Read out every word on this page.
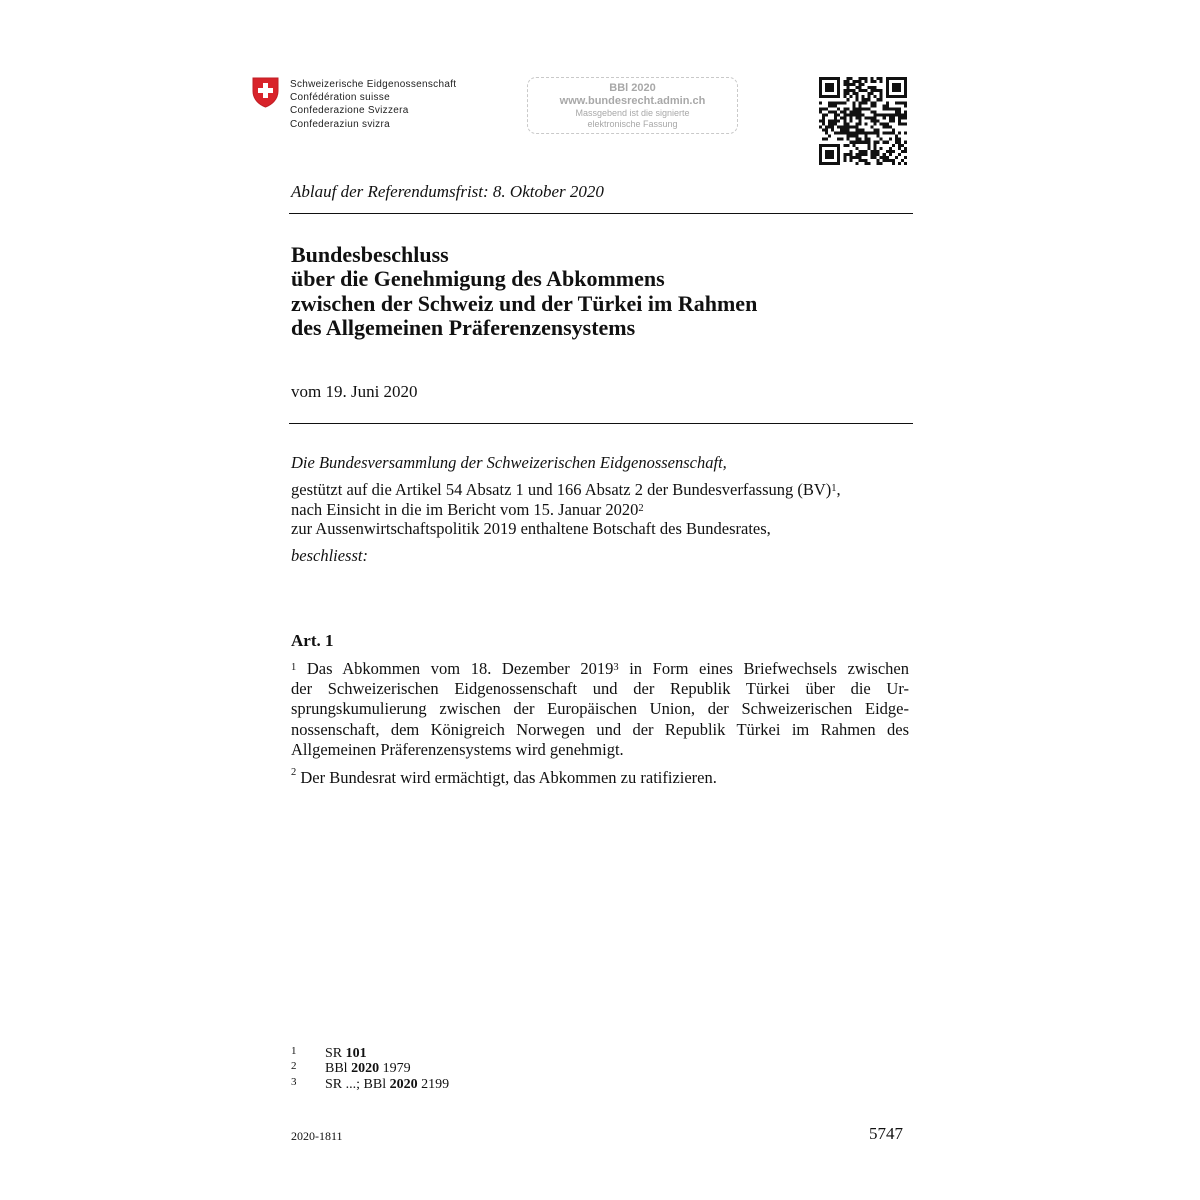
Schweizerische Eidgenossenschaft
Confédération suisse
Confederazione Svizzera
Confederaziun svizra
BBl 2020
www.bundesrecht.admin.ch
Massgebend ist die signierte
elektronische Fassung
Ablauf der Referendumsfrist: 8. Oktober 2020
Bundesbeschluss
über die Genehmigung des Abkommens
zwischen der Schweiz und der Türkei im Rahmen
des Allgemeinen Präferenzensystems
vom 19. Juni 2020
Die Bundesversammlung der Schweizerischen Eidgenossenschaft,
gestützt auf die Artikel 54 Absatz 1 und 166 Absatz 2 der Bundesverfassung (BV)$^1$,
nach Einsicht in die im Bericht vom 15. Januar 2020$^2$
zur Aussenwirtschaftspolitik 2019 enthaltene Botschaft des Bundesrates,
beschliesst:
Art. 1
$^1$ Das Abkommen vom 18. Dezember 2019$^3$ in Form eines Briefwechsels zwischen
der Schweizerischen Eidgenossenschaft und der Republik Türkei über die Ur-
sprungskumulierung zwischen der Europäischen Union, der Schweizerischen Eidge-
nossenschaft, dem Königreich Norwegen und der Republik Türkei im Rahmen des
Allgemeinen Präferenzensystems wird genehmigt.
$^2$ Der Bundesrat wird ermächtigt, das Abkommen zu ratifizieren.
1 SR 101
2 BBl 2020 1979
3 SR ...; BBl 2020 2199
2020-1811	5747
